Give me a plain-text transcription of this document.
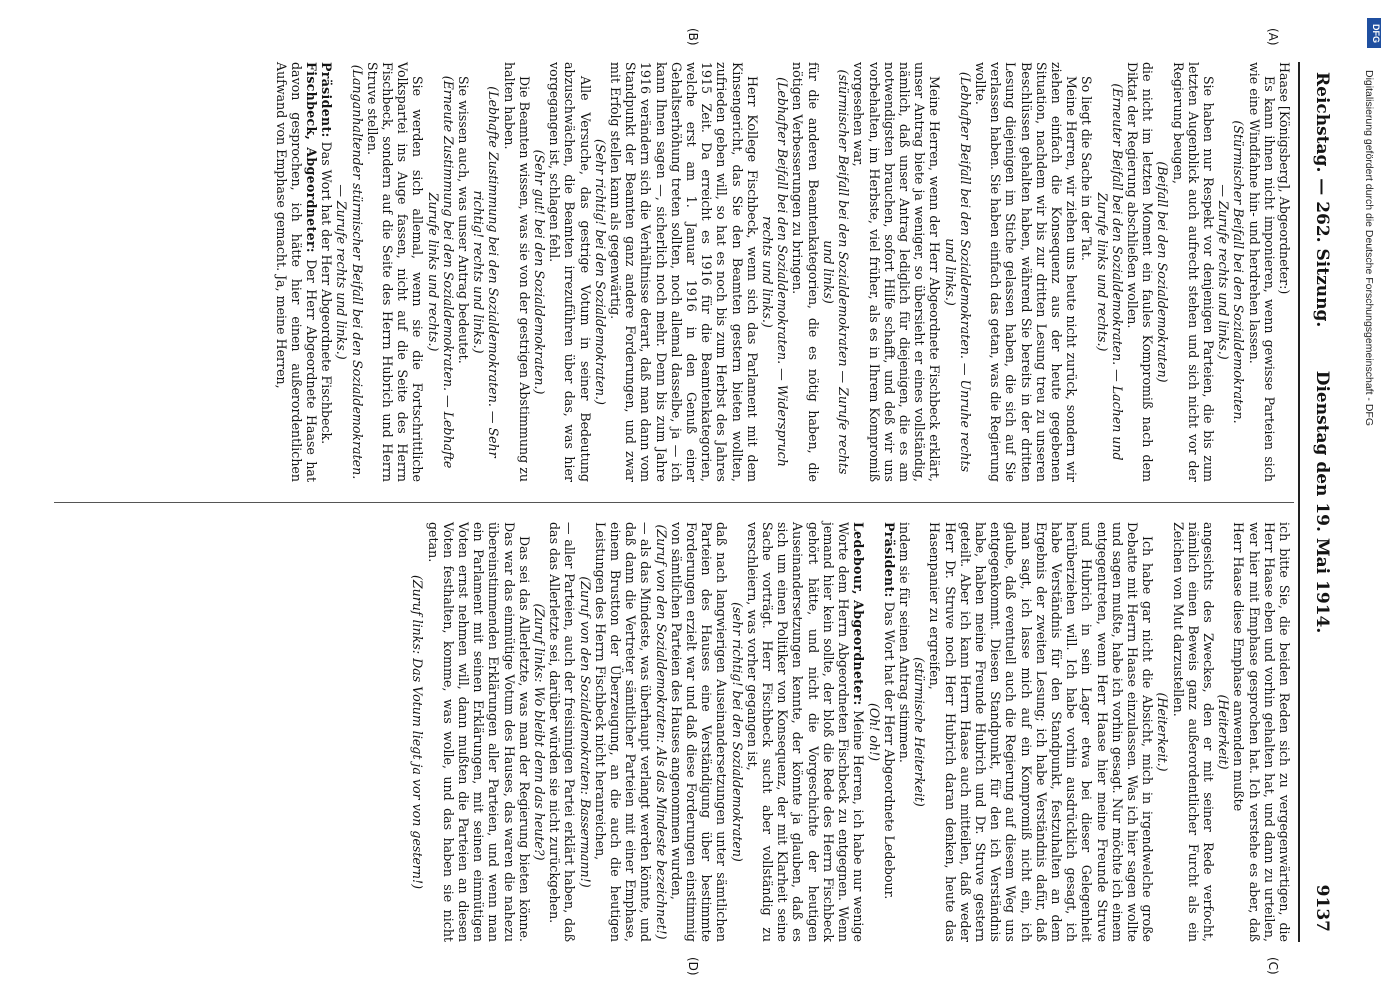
Reichstag. — 262. Sitzung.
Dienstag den 19. Mai 1914.
9137
(A)
(B)
(C)
(D)

Haase [Königsberg], Abgeordneter:)

Es kann ihnen nicht imponieren, wenn gewisse Parteien sich wie eine Windfahne hin- und herdrehen lassen.

(Stürmischer Beifall bei den Sozialdemokraten.

— Zurufe rechts und links.)

Sie haben nur Respekt vor denjenigen Parteien, die bis zum letzten Augenblick auch aufrecht stehen und sich nicht vor der Regierung beugen,

(Beifall bei den Sozialdemokraten)

die nicht im letzten Moment ein faules Kompromiß nach dem Diktat der Regierung abschließen wollen.

(Erneuter Beifall bei den Sozialdemokraten. — Lachen und Zurufe links und rechts.)

So liegt die Sache in der Tat.

Meine Herren, wir ziehen uns heute nicht zurück, sondern wir ziehen einfach die Konsequenz aus der heute gegebenen Situation, nachdem wir bis zur dritten Lesung treu zu unseren Beschlüssen gehalten haben, während Sie bereits in der dritten Lesung diejenigen im Stiche gelassen haben, die sich auf Sie verlassen haben. Sie haben einfach das getan, was die Regierung wollte.

(Lebhafter Beifall bei den Sozialdemokraten. — Unruhe rechts und links.)

Meine Herren, wenn der Herr Abgeordnete Fischbeck erklärt, unser Antrag biete ja weniger, so übersieht er eines vollständig, nämlich, daß unser Antrag lediglich für diejenigen, die es am notwendigsten brauchen, sofort Hilfe schafft, und deß wir uns vorbehalten, im Herbste, viel früher, als es in Ihrem Kompromiß vorgesehen war,

(stürmischer Beifall bei den Sozialdemokraten — Zurufe rechts und links)

für die anderen Beamtenkategorien, die es nötig haben, die nötigen Verbesserungen zu bringen.

(Lebhafter Beifall bei den Sozialdemokraten. — Widerspruch rechts und links.)

Herr Kollege Fischbeck, wenn sich das Parlament mit dem Kinsengericht, das Sie den Beamten gestern bieten wollten, zufrieden geben will, so hat es noch bis zum Herbst des Jahres 1915 Zeit. Da erreicht es 1916 für die Beamtenkategorien, welche erst am 1. Januar 1916 in den Genuß einer Gehaltserhöhung treten sollten, noch allemal dasselbe, ja — ich kann Ihnen sagen —, sicherlich noch mehr. Denn bis zum Jahre 1916 verändern sich die Verhältnisse derart, daß man dann vom Standpunkt der Beamten ganz andere Forderungen, und zwar mit Erfolg stellen kann als gegenwärtig.

(Sehr richtig! bei den Sozialdemokraten.)

Alle Versuche, das gestrige Votum in seiner Bedeutung abzuschwächen, die Beamten irrezuführen über das, was hier vorgegangen ist, schlagen fehl.

(Sehr gut! bei den Sozialdemokraten.)

Die Beamten wissen, was sie von der gestrigen Abstimmung zu halten haben.

(Lebhafte Zustimmung bei den Sozialdemokraten. — Sehr richtig! rechts und links.)

Sie wissen auch, was unser Antrag bedeutet.

(Erneute Zustimmung bei den Sozialdemokraten. — Lebhafte Zurufe links und rechts.)

Sie werden sich allemal, wenn sie die Fortschrittliche Volkspartei ins Auge fassen, nicht auf die Seite des Herrn Fischbeck, sondern auf die Seite des Herrn Hubrich und Herrn Struve stellen.

(Langanhaltender stürmischer Beifall bei den Sozialdemokraten. — Zurufe rechts und links.)

Präsident: Das Wort hat der Herr Abgeordnete Fischbeck.

Fischbeck, Abgeordneter: Der Herr Abgeordnete Haase hat davon gesprochen, ich hätte hier einen außerordentlichen Aufwand von Emphase gemacht. Ja, meine Herren,

ich bitte Sie, die beiden Reden sich zu vergegenwärtigen, die Herr Haase eben und vorhin gehalten hat, und dann zu urteilen, wer hier mit Emphase gesprochen hat. Ich verstehe es aber, daß Herr Haase diese Emphase anwenden mußte

(Heiterkeit)

angesichts des Zweckes, den er mit seiner Rede verfocht, nämlich einen Beweis ganz außerordentlicher Furcht als ein Zeichen von Mut darzustellen.

(Heiterkeit.)

Ich habe gar nicht die Absicht, mich in irgendwelche große Debatte mit Herrn Haase einzulassen. Was ich hier sagen wollte und sagen mußte, habe ich vorhin gesagt. Nur möchte ich einem entgegentreten, wenn Herr Haase hier meine Freunde Struve und Hubrich in sein Lager etwa bei dieser Gelegenheit herüberziehen will. Ich habe vorhin ausdrücklich gesagt, ich habe Verständnis für den Standpunkt, festzuhalten an dem Ergebnis der zweiten Lesung; ich habe Verständnis dafür, daß man sagt, ich lasse mich auf ein Kompromiß nicht ein, ich glaube, daß eventuell auch die Regierung auf diesem Weg uns entgegenkommt. Diesen Standpunkt, für den ich Verständnis habe, haben meine Freunde Hubrich und Dr. Struve gestern geteilt. Aber ich kann Herrn Haase auch mitteilen, daß weder Herr Dr. Struve noch Herr Hubrich daran denken, heute das Hasenpanier zu ergreifen,

(stürmische Heiterkeit)

indem sie für seinen Antrag stimmen.

Präsident: Das Wort hat der Herr Abgeordnete Ledebour.

(Oh! oh!)

Ledebour, Abgeordneter: Meine Herren, ich habe nur wenige Worte dem Herrn Abgeordneten Fischbeck zu entgegnen. Wenn jemand hier kein sollte, der bloß die Rede des Herrn Fischbeck gehört hätte, und nicht die Vorgeschichte der heutigen Auseinandersetzungen kennte, der könnte ja glauben, daß es sich um einen Politiker von Konsequenz, der mit Klarheit seine Sache vorträgt. Herr Fischbeck sucht aber vollständig zu verschleiern, was vorher gegangen ist,

(sehr richtig! bei den Sozialdemokraten)

daß nach langwierigen Auseinandersetzungen unter sämtlichen Parteien des Hauses eine Verständigung über bestimmte Forderungen erzielt war und daß diese Forderungen einstimmig von sämtlichen Parteien des Hauses angenommen wurden,

(Zuruf von den Sozialdemokraten: Als das Mindeste bezeichnet!)

— als das Mindeste, was überhaupt verlangt werden könnte, und daß dann die Vertreter sämtlicher Parteien mit einer Emphase, einem Brustton der Überzeugung, an die auch die heutigen Leistungen des Herrn Fischbeck nicht heranreichen,

(Zuruf von den Sozialdemokraten: Bassermann!)

— aller Parteien, auch der freisinnigen Partei erklärt haben, daß das das Allerletzte sei, darüber würden sie nicht zurückgehen.

(Zuruf links: Wo bleibt denn das heute?)

Das sei das Allerletzte, was man der Regierung bieten könne. Das war das einmütige Votum des Hauses, das waren die nahezu übereinstimmenden Erklärungen aller Parteien, und wenn man ein Parlament mit seinen Erklärungen, mit seinen einmütigen Voten ernst nehmen will, dann mußten die Parteien an diesen Voten festhalten, komme, was wolle, und das haben sie nicht getan.

(Zuruf links: Das Votum liegt ja vor von gestern!)

DFG
Digitalisierung gefördert durch die Deutsche Forschungsgemeinschaft - DFG
